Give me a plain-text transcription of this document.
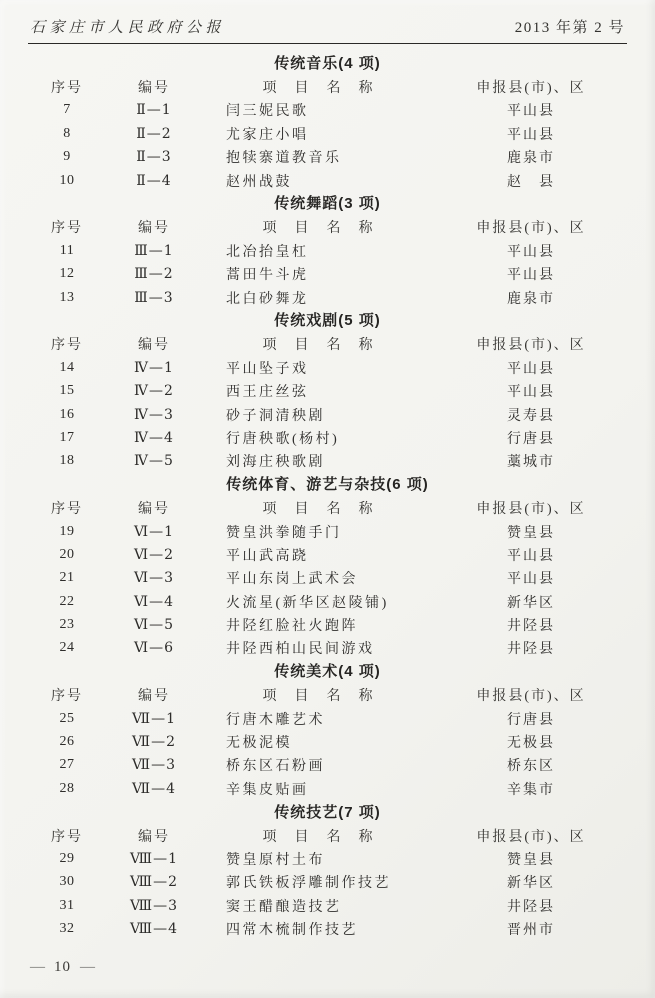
石家庄市人民政府公报	2013 年第 2 号
传统音乐(4 项)
序号	编号	项　目　名　称	申报县(市)、区
7	Ⅱ—1	闫三妮民歌	平山县
8	Ⅱ—2	尤家庄小唱	平山县
9	Ⅱ—3	抱犊寨道教音乐	鹿泉市
10	Ⅱ—4	赵州战鼓	赵　县
传统舞蹈(3 项)
序号	编号	项　目　名　称	申报县(市)、区
11	Ⅲ—1	北冶抬皇杠	平山县
12	Ⅲ—2	蒿田牛斗虎	平山县
13	Ⅲ—3	北白砂舞龙	鹿泉市
传统戏剧(5 项)
序号	编号	项　目　名　称	申报县(市)、区
14	Ⅳ—1	平山坠子戏	平山县
15	Ⅳ—2	西王庄丝弦	平山县
16	Ⅳ—3	砂子洞清秧剧	灵寿县
17	Ⅳ—4	行唐秧歌(杨村)	行唐县
18	Ⅳ—5	刘海庄秧歌剧	藁城市
传统体育、游艺与杂技(6 项)
序号	编号	项　目　名　称	申报县(市)、区
19	Ⅵ—1	赞皇洪拳随手门	赞皇县
20	Ⅵ—2	平山武高跷	平山县
21	Ⅵ—3	平山东岗上武术会	平山县
22	Ⅵ—4	火流星(新华区赵陵铺)	新华区
23	Ⅵ—5	井陉红脸社火跑阵	井陉县
24	Ⅵ—6	井陉西柏山民间游戏	井陉县
传统美术(4 项)
序号	编号	项　目　名　称	申报县(市)、区
25	Ⅶ—1	行唐木雕艺术	行唐县
26	Ⅶ—2	无极泥模	无极县
27	Ⅶ—3	桥东区石粉画	桥东区
28	Ⅶ—4	辛集皮贴画	辛集市
传统技艺(7 项)
序号	编号	项　目　名　称	申报县(市)、区
29	Ⅷ—1	赞皇原村土布	赞皇县
30	Ⅷ—2	郭氏铁板浮雕制作技艺	新华区
31	Ⅷ—3	窦王醋酿造技艺	井陉县
32	Ⅷ—4	四常木梳制作技艺	晋州市
— 10 —
